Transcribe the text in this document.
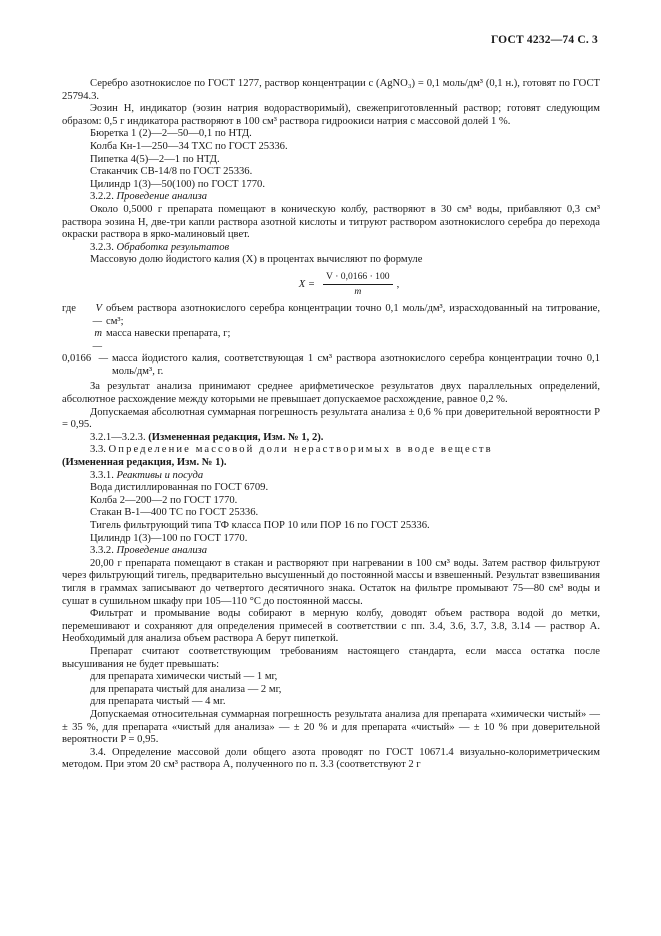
ГОСТ 4232—74 С. 3

Серебро азотнокислое по ГОСТ 1277, раствор концентрации c (AgNO₃) = 0,1 моль/дм³ (0,1 н.), готовят по ГОСТ 25794.3.

Эозин Н, индикатор (эозин натрия водорастворимый), свежеприготовленный раствор; готовят следующим образом: 0,5 г индикатора растворяют в 100 см³ раствора гидроокиси натрия с массовой долей 1 %.

Бюретка 1 (2)—2—50—0,1 по НТД.

Колба Кн-1—250—34 ТХС по ГОСТ 25336.

Пипетка 4(5)—2—1 по НТД.

Стаканчик СВ-14/8 по ГОСТ 25336.

Цилиндр 1(3)—50(100) по ГОСТ 1770.

3.2.2. Проведение анализа

Около 0,5000 г препарата помещают в коническую колбу, растворяют в 30 см³ воды, прибавляют 0,3 см³ раствора эозина Н, две-три капли раствора азотной кислоты и титруют раствором азотнокислого серебра до перехода окраски раствора в ярко-малиновый цвет.

3.2.3. Обработка результатов

Массовую долю йодистого калия (X) в процентах вычисляют по формуле

$X = \frac{V \cdot 0,0166 \cdot 100}{m}$ ,
где	V —
объем раствора азотнокислого серебра концентрации точно 0,1 моль/дм³, израсходованный на титрование, см³;
m —
масса навески препарата, г;
0,0166 — масса йодистого калия, соответствующая 1 см³ раствора азотнокислого серебра концентрации точно 0,1 моль/дм³, г.

За результат анализа принимают среднее арифметическое результатов двух параллельных определений, абсолютное расхождение между которыми не превышает допускаемое расхождение, равное 0,2 %.

Допускаемая абсолютная суммарная погрешность результата анализа ± 0,6 % при доверительной вероятности P = 0,95.

3.2.1—3.2.3. (Измененная редакция, Изм. № 1, 2).

3.3. Определение массовой доли нерастворимых в воде веществ
(Измененная редакция, Изм. № 1).

3.3.1. Реактивы и посуда

Вода дистиллированная по ГОСТ 6709.

Колба 2—200—2 по ГОСТ 1770.

Стакан В-1—400 ТС по ГОСТ 25336.

Тигель фильтрующий типа ТФ класса ПОР 10 или ПОР 16 по ГОСТ 25336.

Цилиндр 1(3)—100 по ГОСТ 1770.

3.3.2. Проведение анализа

20,00 г препарата помещают в стакан и растворяют при нагревании в 100 см³ воды. Затем раствор фильтруют через фильтрующий тигель, предварительно высушенный до постоянной массы и взвешенный. Результат взвешивания тигля в граммах записывают до четвертого десятичного знака. Остаток на фильтре промывают 75—80 см³ воды и сушат в сушильном шкафу при 105—110 °С до постоянной массы.

Фильтрат и промывание воды собирают в мерную колбу, доводят объем раствора водой до метки, перемешивают и сохраняют для определения примесей в соответствии с пп. 3.4, 3.6, 3.7, 3.8, 3.14 — раствор А. Необходимый для анализа объем раствора А берут пипеткой.

Препарат считают соответствующим требованиям настоящего стандарта, если масса остатка после высушивания не будет превышать:

для препарата химически чистый — 1 мг,

для препарата чистый для анализа — 2 мг,

для препарата чистый — 4 мг.

Допускаемая относительная суммарная погрешность результата анализа для препарата «химически чистый» — ± 35 %, для препарата «чистый для анализа» — ± 20 % и для препарата «чистый» — ± 10 % при доверительной вероятности P = 0,95.

3.4. Определение массовой доли общего азота проводят по ГОСТ 10671.4 визуально-колориметрическим методом. При этом 20 см³ раствора А, полученного по п. 3.3 (соответствуют 2 г
